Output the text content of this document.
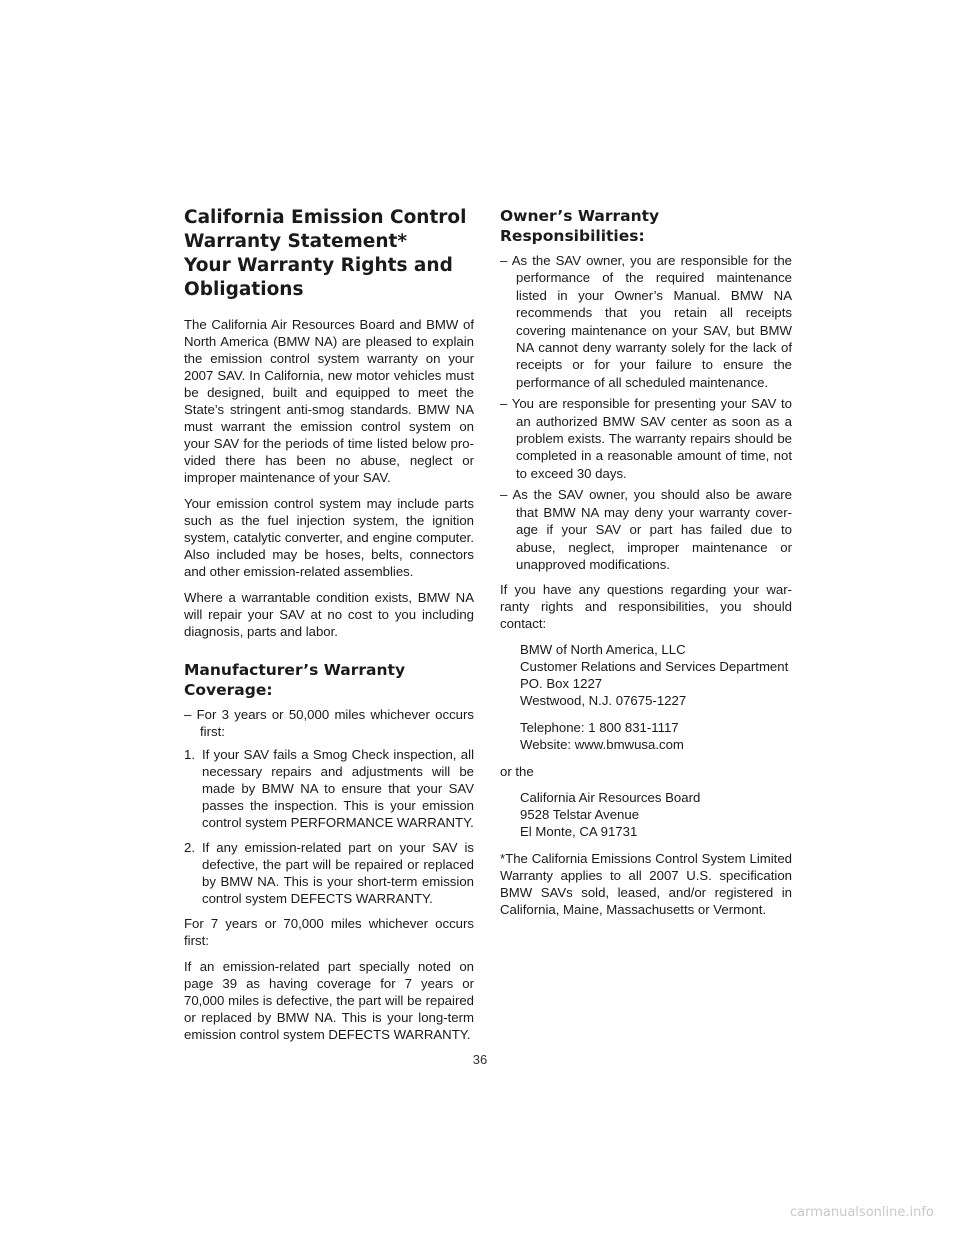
California Emission Control
Warranty Statement*
Your Warranty Rights and
Obligations

The California Air Resources Board and BMW of North America (BMW NA) are pleased to explain the emission control system warranty on your 2007 SAV. In California, new motor vehicles must be designed, built and equipped to meet the State’s stringent anti-smog standards. BMW NA must warrant the emission control system on your SAV for the periods of time listed below provided there has been no abuse, neglect or improper maintenance of your SAV.

Your emission control system may include parts such as the fuel injection system, the ignition system, catalytic converter, and engine computer. Also included may be hoses, belts, connectors and other emission-related assemblies.

Where a warrantable condition exists, BMW NA will repair your SAV at no cost to you including diagnosis, parts and labor.

Manufacturer’s Warranty Coverage:

– For 3 years or 50,000 miles whichever occurs first:

1. If your SAV fails a Smog Check inspection, all necessary repairs and adjustments will be made by BMW NA to ensure that your SAV passes the inspection. This is your emission control system PERFORMANCE WARRANTY.
2. If any emission-related part on your SAV is defective, the part will be repaired or replaced by BMW NA. This is your short-term emission control system DEFECTS WARRANTY.

For 7 years or 70,000 miles whichever occurs first:

If an emission-related part specially noted on page 39 as having coverage for 7 years or 70,000 miles is defective, the part will be repaired or replaced by BMW NA. This is your long-term emission control system DEFECTS WARRANTY.

Owner’s Warranty Responsibilities:

– As the SAV owner, you are responsible for the performance of the required maintenance listed in your Owner’s Manual. BMW NA recommends that you retain all receipts covering maintenance on your SAV, but BMW NA cannot deny warranty solely for the lack of receipts or for your failure to ensure the performance of all scheduled maintenance.

– You are responsible for presenting your SAV to an authorized BMW SAV center as soon as a problem exists. The warranty repairs should be completed in a reasonable amount of time, not to exceed 30 days.

– As the SAV owner, you should also be aware that BMW NA may deny your warranty coverage if your SAV or part has failed due to abuse, neglect, improper maintenance or unapproved modifications.

If you have any questions regarding your warranty rights and responsibilities, you should contact:

BMW of North America, LLC
Customer Relations and Services Department
PO. Box 1227
Westwood, N.J. 07675-1227
Telephone: 1 800 831-1117
Website: www.bmwusa.com

or the

California Air Resources Board
9528 Telstar Avenue
El Monte, CA 91731

*The California Emissions Control System Limited Warranty applies to all 2007 U.S. specification BMW SAVs sold, leased, and/or registered in California, Maine, Massachusetts or Vermont.

36
carmanualsonline.info
